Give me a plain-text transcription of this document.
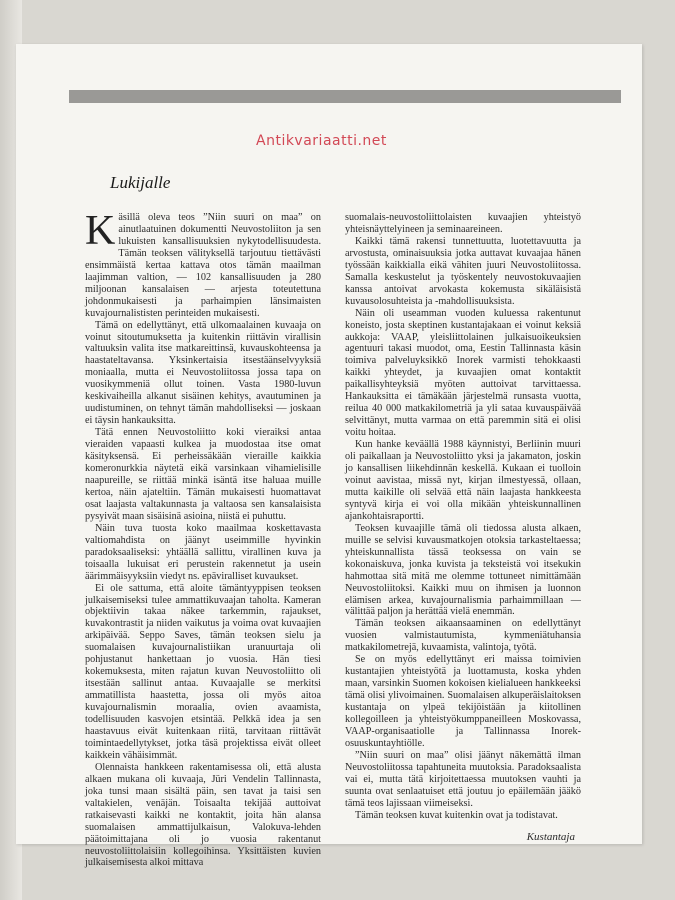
Antikvariaatti.net
Lukijalle

Käsillä oleva teos ”Niin suuri on maa” on ainutlaatuinen dokumentti Neuvostoliiton ja sen lukuisten kansallisuuksien nykytodellisuudesta. Tämän teoksen välityksellä tarjoutuu tiettävästi ensimmäistä kertaa kattava otos tämän maailman laajimman valtion, — 102 kansallisuuden ja 280 miljoonan kansalaisen — arjesta toteutettuna johdonmukaisesti ja parhaimpien länsimaisten kuvajournalististen perinteiden mukaisesti.

Tämä on edellyttänyt, että ulkomaalainen kuvaaja on voinut sitoutumuksetta ja kuitenkin riittävin virallisin valtuuksin valita itse matkareittinsä, kuvauskohteensa ja haastateltavansa. Yksinkertaisia itsestäänselvyyksiä moniaalla, mutta ei Neuvostoliitossa jossa tapa on vuosikymmeniä ollut toinen. Vasta 1980-luvun keskivaiheilla alkanut sisäinen kehitys, avautuminen ja uudistuminen, on tehnyt tämän mahdolliseksi — joskaan ei täysin hankauksitta.

Tätä ennen Neuvostoliitto koki vieraiksi antaa vieraiden vapaasti kulkea ja muodostaa itse omat käsityksensä. Ei perheissäkään vieraille kaikkia komeronurkkia näytetä eikä varsinkaan vihamielisille naapureille, se riittää minkä isäntä itse haluaa muille kertoa, näin ajateltiin. Tämän mukaisesti huomattavat osat laajasta valtakunnasta ja valtaosa sen kansalaisista pysyivät maan sisäisinä asioina, niistä ei puhuttu.

Näin tuva tuosta koko maailmaa koskettavasta valtiomahdista on jäänyt useimmille hyvinkin paradoksaaliseksi: yhtäällä sallittu, virallinen kuva ja toisaalla lukuisat eri perustein rakennetut ja usein äärimmäisyyksiin viedyt ns. epäviralliset kuvaukset.

Ei ole sattuma, että aloite tämäntyyppisen teoksen julkaisemiseksi tulee ammattikuvaajan taholta. Kameran objektiivin takaa näkee tarkemmin, rajaukset, kuvakontrastit ja niiden vaikutus ja voima ovat kuvaajien arkipäivää. Seppo Saves, tämän teoksen sielu ja suomalaisen kuvajournalistiikan uranuurtaja oli pohjustanut hankettaan jo vuosia. Hän tiesi kokemuksesta, miten rajatun kuvan Neuvostoliitto oli itsestään sallinut antaa. Kuvaajalle se merkitsi ammatillista haastetta, jossa oli myös aitoa kuvajournalismin moraalia, ovien avaamista, todellisuuden kasvojen etsintää. Pelkkä idea ja sen haastavuus eivät kuitenkaan riitä, tarvitaan riittävät toimintaedellytykset, jotka täsä projektissa eivät olleet kaikkein vähäisimmät.

Olennaista hankkeen rakentamisessa oli, että alusta alkaen mukana oli kuvaaja, Jüri Vendelin Tallinnasta, joka tunsi maan sisältä päin, sen tavat ja taisi sen valtakielen, venäjän. Toisaalta tekijää auttoivat ratkaisevasti kaikki ne kontaktit, joita hän alansa suomalaisen ammattijulkaisun, Valokuva-lehden päätoimittajana oli jo vuosia rakentanut neuvostoliittolaisiin kollegoihinsa. Yksittäisten kuvien julkaisemisesta alkoi mittava

suomalais-neuvostoliittolaisten kuvaajien yhteistyö yhteisnäyttelyineen ja seminaareineen.

Kaikki tämä rakensi tunnettuutta, luotettavuutta ja arvostusta, ominaisuuksia jotka auttavat kuvaajaa hänen työssään kaikkialla eikä vähiten juuri Neuvostoliitossa. Samalla keskustelut ja työskentely neuvostokuvaajien kanssa antoivat arvokasta kokemusta sikäläisistä kuvausolosuhteista ja -mahdollisuuksista.

Näin oli useamman vuoden kuluessa rakentunut koneisto, josta skeptinen kustantajakaan ei voinut keksiä aukkoja: VAAP, yleisliittolainen julkaisuoikeuksien agentuuri takasi muodot, oma, Eestin Tallinnasta käsin toimiva palveluyksikkö Inorek varmisti tehokkaasti kaikki yhteydet, ja kuvaajien omat kontaktit paikallisyhteyksiä myöten auttoivat tarvittaessa. Hankauksitta ei tämäkään järjestelmä runsasta vuotta, reilua 40 000 matkakilometriä ja yli sataa kuvauspäivää selvittänyt, mutta varmaa on että paremmin sitä ei olisi voitu hoitaa.

Kun hanke keväällä 1988 käynnistyi, Berliinin muuri oli paikallaan ja Neuvostoliitto yksi ja jakamaton, joskin jo kansallisen liikehdinnän keskellä. Kukaan ei tuolloin voinut aavistaa, missä nyt, kirjan ilmestyessä, ollaan, mutta kaikille oli selvää että näin laajasta hankkeesta syntyvä kirja ei voi olla mikään yhteiskunnallinen ajankohtaisraportti.

Teoksen kuvaajille tämä oli tiedossa alusta alkaen, muille se selvisi kuvausmatkojen otoksia tarkasteltaessa; yhteiskunnallista tässä teoksessa on vain se kokonaiskuva, jonka kuvista ja teksteistä voi itsekukin hahmottaa sitä mitä me olemme tottuneet nimittämään Neuvostoliitoksi. Kaikki muu on ihmisen ja luonnon elämisen arkea, kuvajournalismia parhaimmillaan — välittää paljon ja herättää vielä enemmän.

Tämän teoksen aikaansaaminen on edellyttänyt vuosien valmistautumista, kymmeniätuhansia matkakilometrejä, kuvaamista, valintoja, työtä.

Se on myös edellyttänyt eri maissa toimivien kustantajien yhteistyötä ja luottamusta, koska yhden maan, varsinkin Suomen kokoisen kielialueen hankkeeksi tämä olisi ylivoimainen. Suomalaisen alkuperäislaitoksen kustantaja on ylpeä tekijöistään ja kiitollinen kollegoilleen ja yhteistyökumppaneilleen Moskovassa, VAAP-organisaatiolle ja Tallinnassa Inorek-osuuskuntayhtiölle.

”Niin suuri on maa” olisi jäänyt näkemättä ilman Neuvostoliitossa tapahtuneita muutoksia. Paradoksaalista vai ei, mutta tätä kirjoitettaessa muutoksen vauhti ja suunta ovat senlaatuiset että joutuu jo epäilemään jääkö tämä teos lajissaan viimeiseksi.

Tämän teoksen kuvat kuitenkin ovat ja todistavat.

Kustantaja
